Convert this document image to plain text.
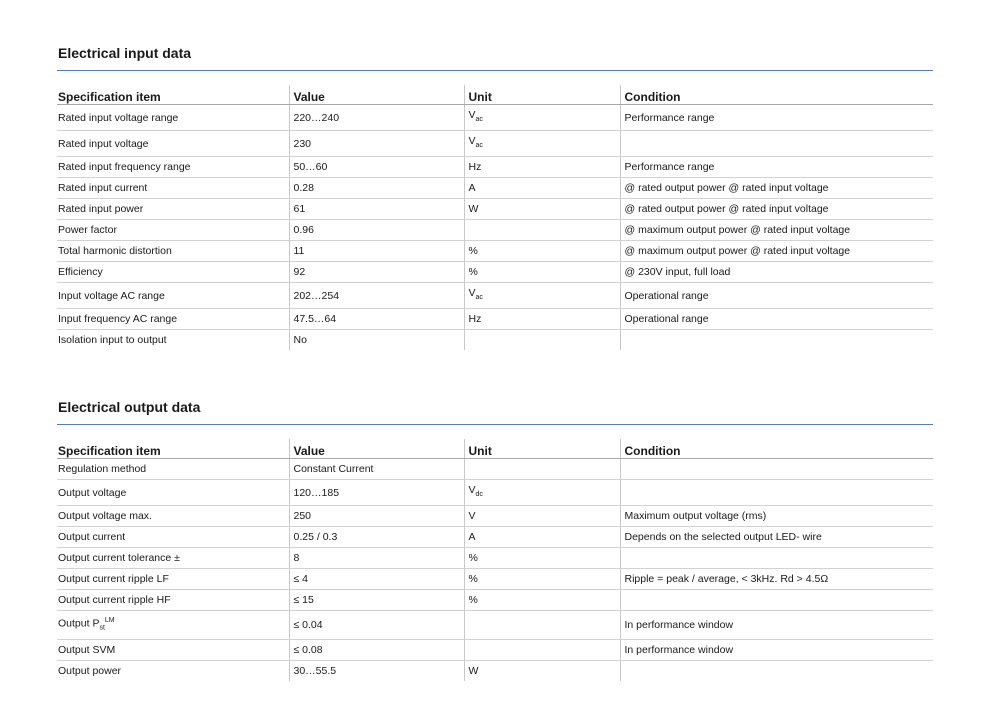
Electrical input data
Specification item	Value	Unit	Condition
Rated input voltage range	220…240	$V_{ac}$	Performance range
Rated input voltage	230	$V_{ac}$	
Rated input frequency range	50…60	Hz	Performance range
Rated input current	0.28	A	@ rated output power @ rated input voltage
Rated input power	61	W	@ rated output power @ rated input voltage
Power factor	0.96		@ maximum output power @ rated input voltage
Total harmonic distortion	11	%	@ maximum output power @ rated input voltage
Efficiency	92	%	@ 230V input, full load
Input voltage AC range	202…254	$V_{ac}$	Operational range
Input frequency AC range	47.5…64	Hz	Operational range
Isolation input to output	No		
Electrical output data
Specification item	Value	Unit	Condition
Regulation method	Constant Current		
Output voltage	120…185	$V_{dc}$	
Output voltage max.	250	V	Maximum output voltage (rms)
Output current	0.25 / 0.3	A	Depends on the selected output LED- wire
Output current tolerance ±	8	%	
Output current ripple LF	≤ 4	%	Ripple = peak / average, < 3kHz. Rd > 4.5Ω
Output current ripple HF	≤ 15	%	
Output $P_{st}^{LM}$	≤ 0.04		In performance window
Output SVM	≤ 0.08		In performance window
Output power	30…55.5	W	
